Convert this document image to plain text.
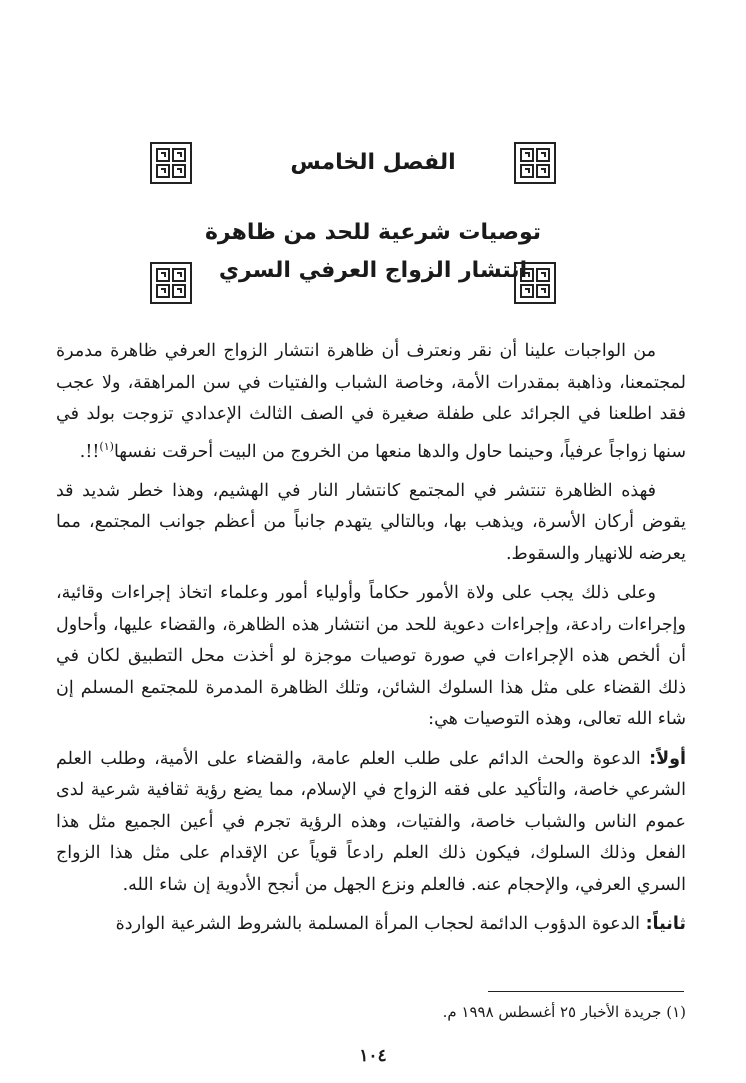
الفصل الخامس
توصيات شرعية للحد من ظاهرة
انتشار الزواج العرفي السري

من الواجبات علينا أن نقر ونعترف أن ظاهرة انتشار الزواج العرفي ظاهرة مدمرة لمجتمعنا، وذاهبة بمقدرات الأمة، وخاصة الشباب والفتيات في سن المراهقة، ولا عجب فقد اطلعنا في الجرائد على طفلة صغيرة في الصف الثالث الإعدادي تزوجت بولد في سنها زواجاً عرفياً، وحينما حاول والدها منعها من الخروج من البيت أحرقت نفسها$^{(١)}$!!.

فهذه الظاهرة تنتشر في المجتمع كانتشار النار في الهشيم، وهذا خطر شديد قد يقوض أركان الأسرة، ويذهب بها، وبالتالي يتهدم جانباً من أعظم جوانب المجتمع، مما يعرضه للانهيار والسقوط.

وعلى ذلك يجب على ولاة الأمور حكاماً وأولياء أمور وعلماء اتخاذ إجراءات وقائية، وإجراءات رادعة، وإجراءات دعوية للحد من انتشار هذه الظاهرة، والقضاء عليها، وأحاول أن ألخص هذه الإجراءات في صورة توصيات موجزة لو أخذت محل التطبيق لكان في ذلك القضاء على مثل هذا السلوك الشائن، وتلك الظاهرة المدمرة للمجتمع المسلم إن شاء الله تعالى، وهذه التوصيات هي:

أولاً: الدعوة والحث الدائم على طلب العلم عامة، والقضاء على الأمية، وطلب العلم الشرعي خاصة، والتأكيد على فقه الزواج في الإسلام، مما يضع رؤية ثقافية شرعية لدى عموم الناس والشباب خاصة، والفتيات، وهذه الرؤية تجرم في أعين الجميع مثل هذا الفعل وذلك السلوك، فيكون ذلك العلم رادعاً قوياً عن الإقدام على مثل هذا الزواج السري العرفي، والإحجام عنه. فالعلم ونزع الجهل من أنجح الأدوية إن شاء الله.

ثانياً: الدعوة الدؤوب الدائمة لحجاب المرأة المسلمة بالشروط الشرعية الواردة

(١) جريدة الأخبار ٢٥ أغسطس ١٩٩٨ م.
١٠٤
